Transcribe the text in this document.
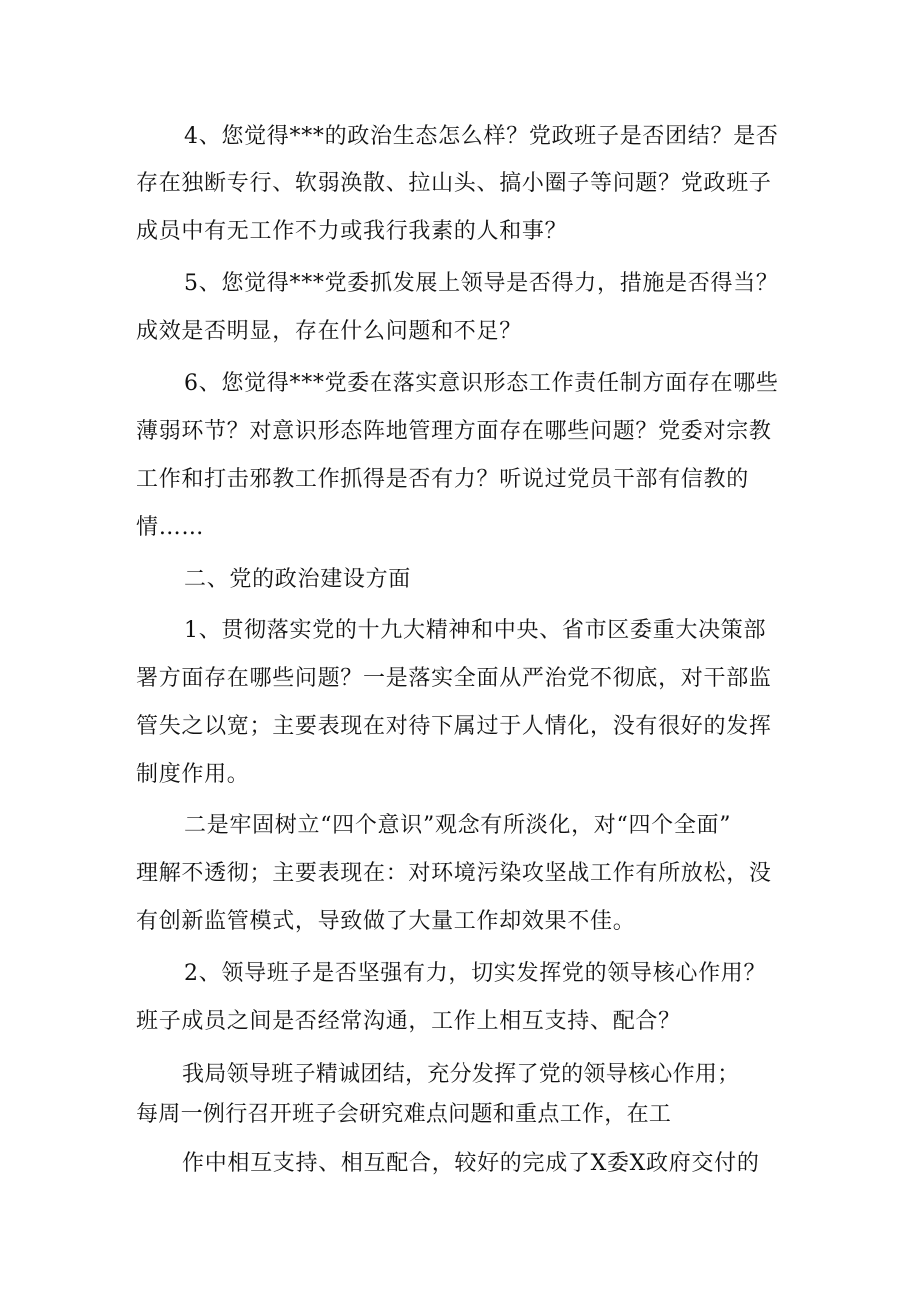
4、您觉得***的政治生态怎么样？党政班子是否团结？是否

存在独断专行、软弱涣散、拉山头、搞小圈子等问题？党政班子

成员中有无工作不力或我行我素的人和事？

5、您觉得***党委抓发展上领导是否得力，措施是否得当？

成效是否明显，存在什么问题和不足？

6、您觉得***党委在落实意识形态工作责任制方面存在哪些

薄弱环节？对意识形态阵地管理方面存在哪些问题？党委对宗教

工作和打击邪教工作抓得是否有力？听说过党员干部有信教的

情……

二、党的政治建设方面

1、贯彻落实党的十九大精神和中央、省市区委重大决策部

署方面存在哪些问题？一是落实全面从严治党不彻底，对干部监

管失之以宽；主要表现在对待下属过于人情化，没有很好的发挥

制度作用。

二是牢固树立“四个意识”观念有所淡化，对“四个全面”

理解不透彻；主要表现在：对环境污染攻坚战工作有所放松，没

有创新监管模式，导致做了大量工作却效果不佳。

2、领导班子是否坚强有力，切实发挥党的领导核心作用？

班子成员之间是否经常沟通，工作上相互支持、配合？

我局领导班子精诚团结，充分发挥了党的领导核心作用；

每周一例行召开班子会研究难点问题和重点工作，在工

作中相互支持、相互配合，较好的完成了X委X政府交付的
